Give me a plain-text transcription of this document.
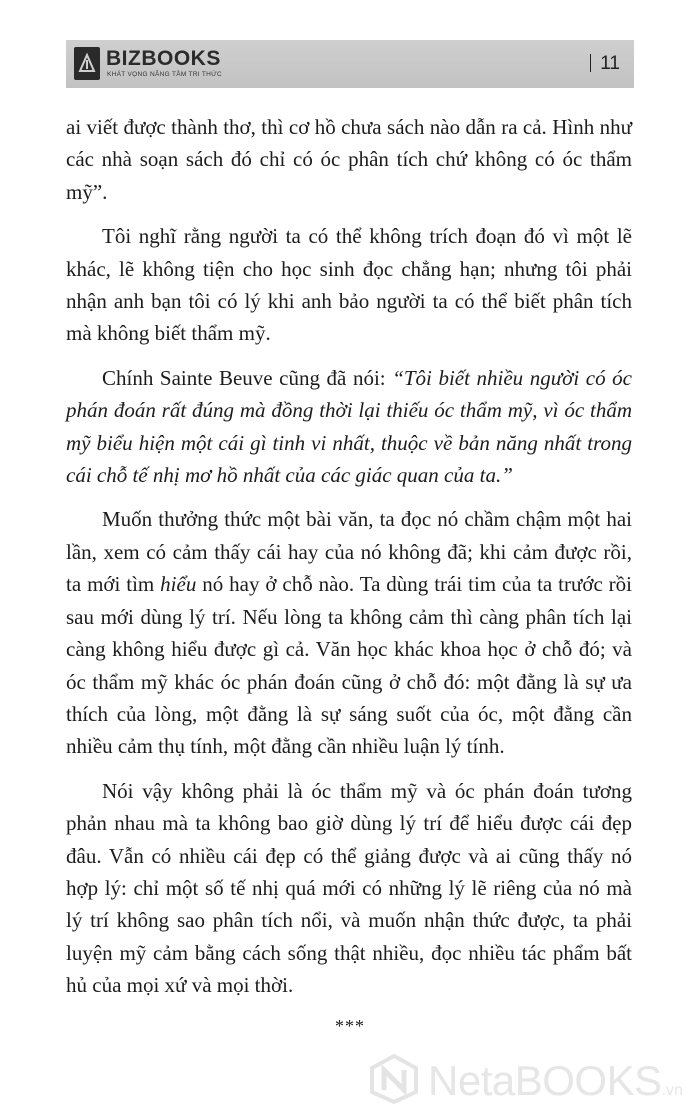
BIZBOOKS
KHÁT VỌNG NÂNG TẦM TRI THỨC
11

ai viết được thành thơ, thì cơ hồ chưa sách nào dẫn ra cả. Hình như các nhà soạn sách đó chỉ có óc phân tích chứ không có óc thẩm mỹ”.

Tôi nghĩ rằng người ta có thể không trích đoạn đó vì một lẽ khác, lẽ không tiện cho học sinh đọc chẳng hạn; nhưng tôi phải nhận anh bạn tôi có lý khi anh bảo người ta có thể biết phân tích mà không biết thẩm mỹ.

Chính Sainte Beuve cũng đã nói: “Tôi biết nhiều người có óc phán đoán rất đúng mà đồng thời lại thiếu óc thẩm mỹ, vì óc thẩm mỹ biểu hiện một cái gì tinh vi nhất, thuộc về bản năng nhất trong cái chỗ tế nhị mơ hồ nhất của các giác quan của ta.”

Muốn thưởng thức một bài văn, ta đọc nó chầm chậm một hai lần, xem có cảm thấy cái hay của nó không đã; khi cảm được rồi, ta mới tìm hiểu nó hay ở chỗ nào. Ta dùng trái tim của ta trước rồi sau mới dùng lý trí. Nếu lòng ta không cảm thì càng phân tích lại càng không hiểu được gì cả. Văn học khác khoa học ở chỗ đó; và óc thẩm mỹ khác óc phán đoán cũng ở chỗ đó: một đằng là sự ưa thích của lòng, một đằng là sự sáng suốt của óc, một đằng cần nhiều cảm thụ tính, một đằng cần nhiều luận lý tính.

Nói vậy không phải là óc thẩm mỹ và óc phán đoán tương phản nhau mà ta không bao giờ dùng lý trí để hiểu được cái đẹp đâu. Vẫn có nhiều cái đẹp có thể giảng được và ai cũng thấy nó hợp lý: chỉ một số tế nhị quá mới có những lý lẽ riêng của nó mà lý trí không sao phân tích nổi, và muốn nhận thức được, ta phải luyện mỹ cảm bằng cách sống thật nhiều, đọc nhiều tác phẩm bất hủ của mọi xứ và mọi thời.

***
NetaBOOKS.vn
